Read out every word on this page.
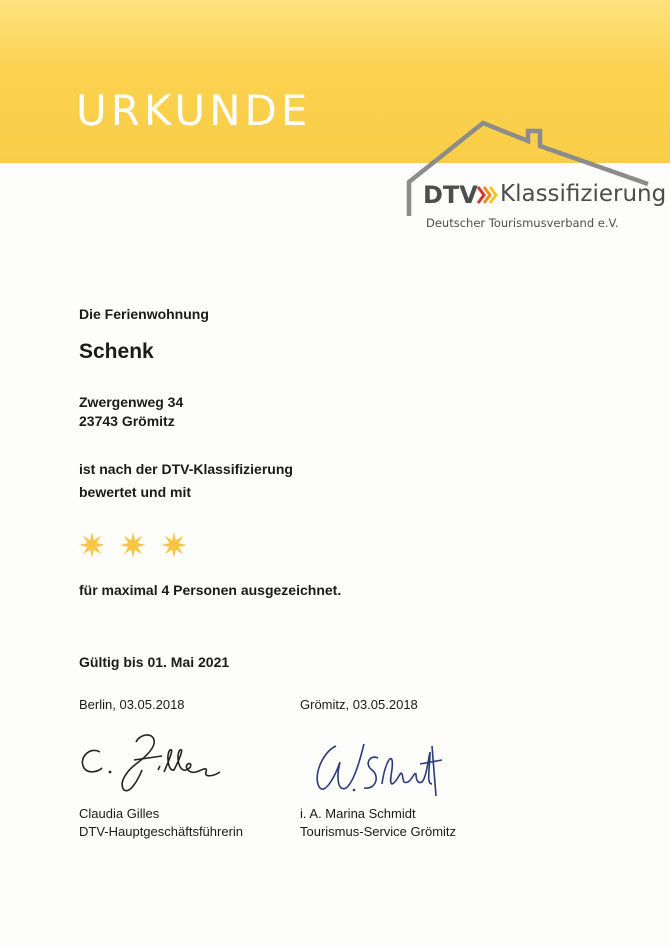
URKUNDE
DTV Klassifizierung
Deutscher Tourismusverband e.V.
Die Ferienwohnung
Schenk
Zwergenweg 34
23743 Grömitz
ist nach der DTV-Klassifizierung
bewertet und mit
für maximal 4 Personen ausgezeichnet.
Gültig bis 01. Mai 2021
Berlin, 03.05.2018
Claudia Gilles
DTV-Hauptgeschäftsführerin
Grömitz, 03.05.2018
i. A. Marina Schmidt
Tourismus-Service Grömitz
